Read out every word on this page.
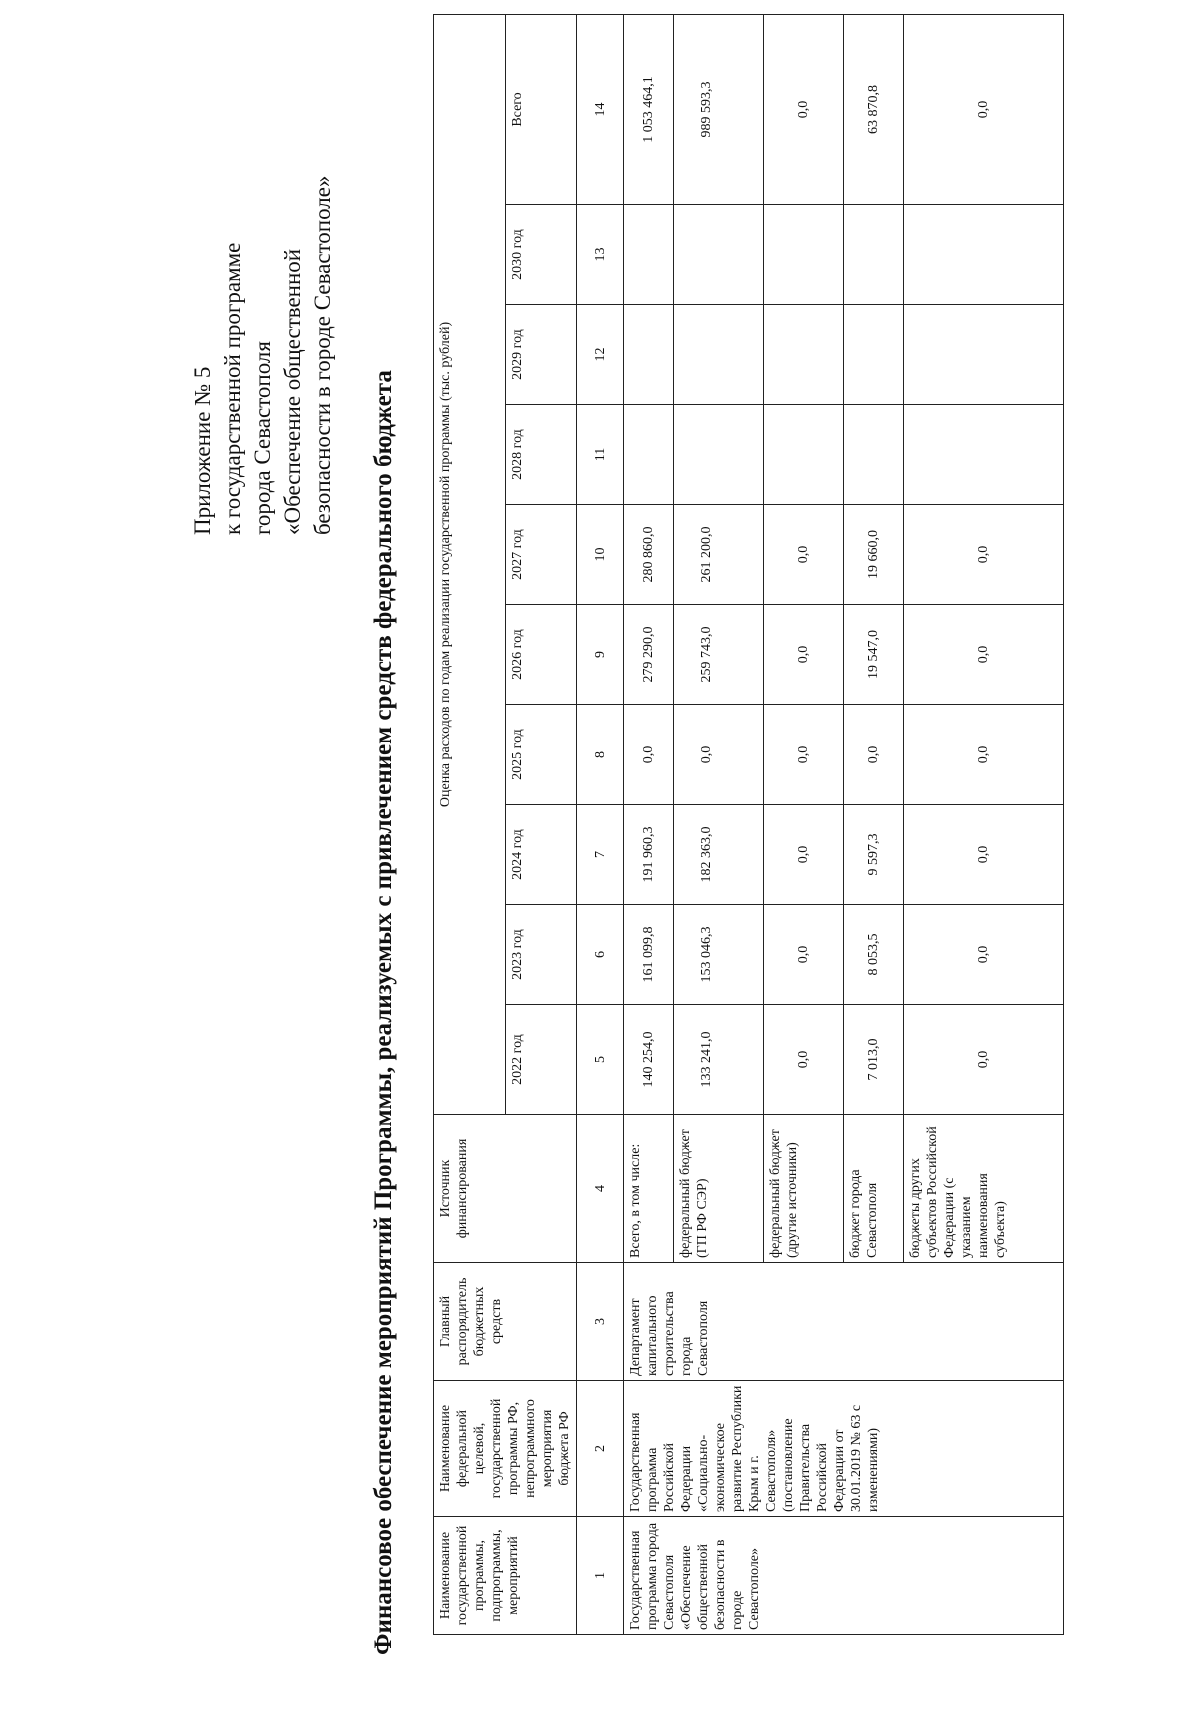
Приложение № 5 к государственной программе города Севастополя «Обеспечение общественной безопасности в городе Севастополе»
Финансовое обеспечение мероприятий Программы, реализуемых с привлечением средств федерального бюджета	Наименование государственной программы, подпрограммы, мероприятий	Наименование федеральной целевой, государственной программы РФ, непрограммного мероприятия бюджета РФ	Главный распорядитель бюджетных средств	Источник финансирования	Оценка расходов по годам реализации государственной программы (тыс. рублей)									
				2022 год	2023 год	2024 год	2025 год	2026 год	2027 год	2028 год	2029 год	2030 год	Всего
1	2	3	4	5	6	7	8	9	10	11	12	13	14
Государственная программа города Севастополя «Обеспечение общественной безопасности в городе Севастополе»	Государственная программа Российской Федерации «Социально-экономическое развитие Республики Крым и г. Севастополя» (постановление Правительства Российской Федерации от 30.01.2019 № 63 с изменениями)	Департамент капитального строительства города Севастополя	Всего, в том числе:	140 254,0	161 099,8	191 960,3	0,0	279 290,0	280 860,0				1 053 464,1
			федеральный бюджет (ГП РФ СЭР)	133 241,0	153 046,3	182 363,0	0,0	259 743,0	261 200,0				989 593,3
			федеральный бюджет (другие источники)	0,0	0,0	0,0	0,0	0,0	0,0				0,0
			бюджет города Севастополя	7 013,0	8 053,5	9 597,3	0,0	19 547,0	19 660,0				63 870,8
			бюджеты других субъектов Российской Федерации (с указанием наименования субъекта)	0,0	0,0	0,0	0,0	0,0	0,0				0,0
